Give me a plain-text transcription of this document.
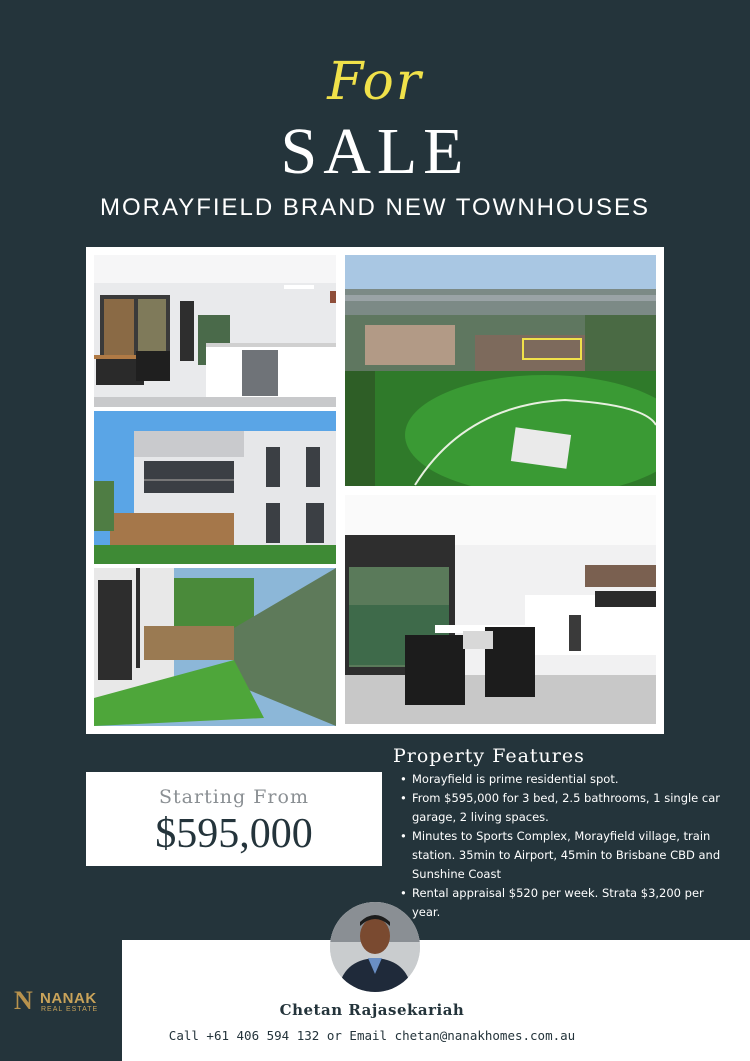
For
SALE
MORAYFIELD BRAND NEW TOWNHOUSES
Starting From
$595,000
Property Features
• Morayfield is prime residential spot.
• From $595,000 for 3 bed, 2.5 bathrooms, 1 single car garage, 2 living spaces.
• Minutes to Sports Complex, Morayfield village, train station. 35min to Airport, 45min to Brisbane CBD and Sunshine Coast
• Rental appraisal $520 per week. Strata $3,200 per year.
N NANAK
REAL ESTATE	Chetan Rajasekariah
Call +61 406 594 132 or Email chetan@nanakhomes.com.au
